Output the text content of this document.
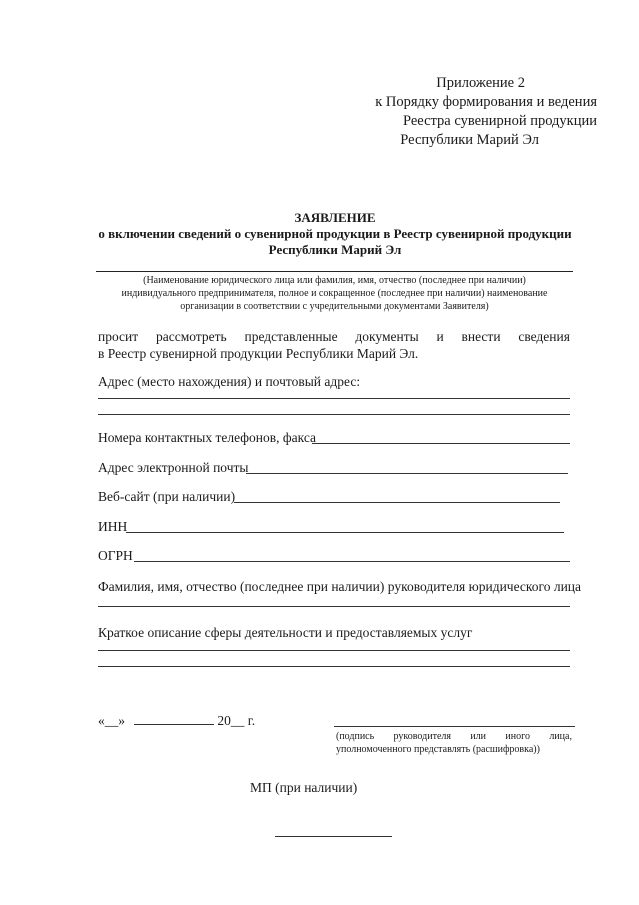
Приложение 2
к Порядку формирования и ведения
Реестра сувенирной продукции
Республики Марий Эл
ЗАЯВЛЕНИЕ
о включении сведений о сувенирной продукции в Реестр сувенирной продукции
Республики Марий Эл
(Наименование юридического лица или фамилия, имя, отчество (последнее при наличии)
индивидуального предпринимателя, полное и сокращенное (последнее при наличии) наименование
организации в соответствии с учредительными документами Заявителя)
просит рассмотреть представленные документы и внести сведения
в Реестр сувенирной продукции Республики Марий Эл.
Адрес (место нахождения) и почтовый адрес:
Номера контактных телефонов, факса
Адрес электронной почты
Веб-сайт (при наличии)
ИНН
ОГРН
Фамилия, имя, отчество (последнее при наличии) руководителя юридического лица
Краткое описание сферы деятельности и предоставляемых услуг
«__»	20__ г.
(подпись руководителя или иного лица,
уполномоченного представлять (расшифровка))
МП (при наличии)
